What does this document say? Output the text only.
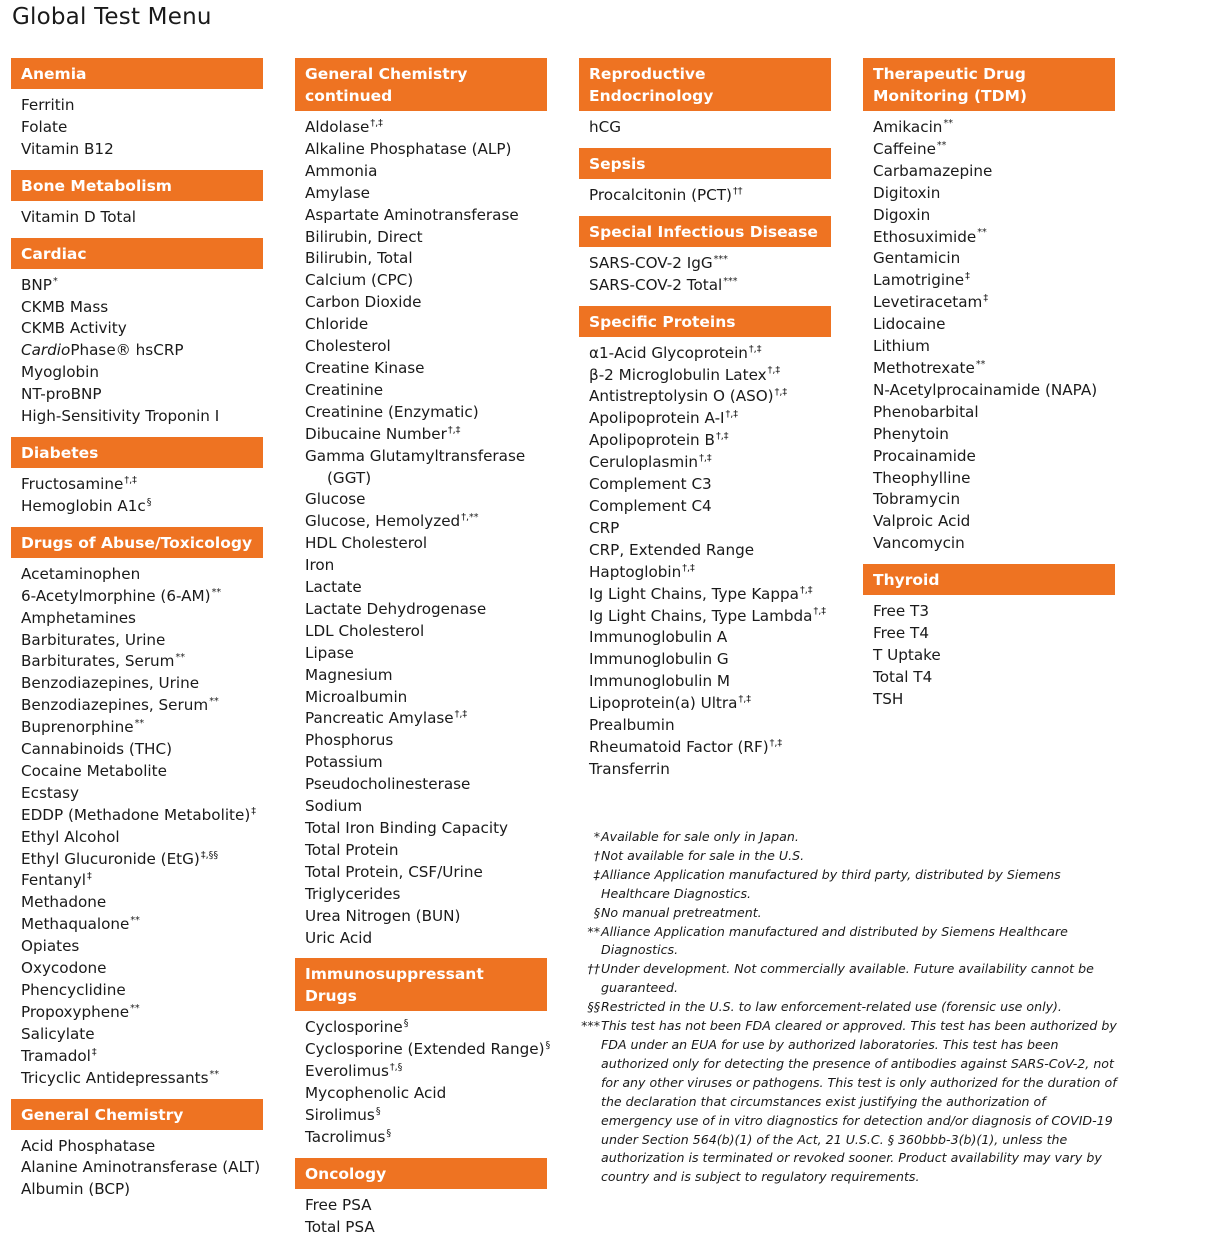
Global Test Menu
Anemia
Ferritin
Folate
Vitamin B12
Bone Metabolism
Vitamin D Total
Cardiac
BNP*
CKMB Mass
CKMB Activity
CardioPhase® hsCRP
Myoglobin
NT-proBNP
High-Sensitivity Troponin I
Diabetes
Fructosamine†,‡
Hemoglobin A1c§
Drugs of Abuse/Toxicology
Acetaminophen
6-Acetylmorphine (6-AM)**
Amphetamines
Barbiturates, Urine
Barbiturates, Serum**
Benzodiazepines, Urine
Benzodiazepines, Serum**
Buprenorphine**
Cannabinoids (THC)
Cocaine Metabolite
Ecstasy
EDDP (Methadone Metabolite)‡
Ethyl Alcohol
Ethyl Glucuronide (EtG)‡,§§
Fentanyl‡
Methadone
Methaqualone**
Opiates
Oxycodone
Phencyclidine
Propoxyphene**
Salicylate
Tramadol‡
Tricyclic Antidepressants**
General Chemistry
Acid Phosphatase
Alanine Aminotransferase (ALT)
Albumin (BCP)
General Chemistry continued
Aldolase†,‡
Alkaline Phosphatase (ALP)
Ammonia
Amylase
Aspartate Aminotransferase
Bilirubin, Direct
Bilirubin, Total
Calcium (CPC)
Carbon Dioxide
Chloride
Cholesterol
Creatine Kinase
Creatinine
Creatinine (Enzymatic)
Dibucaine Number†,‡
Gamma Glutamyltransferase
(GGT)
Glucose
Glucose, Hemolyzed†,**
HDL Cholesterol
Iron
Lactate
Lactate Dehydrogenase
LDL Cholesterol
Lipase
Magnesium
Microalbumin
Pancreatic Amylase†,‡
Phosphorus
Potassium
Pseudocholinesterase
Sodium
Total Iron Binding Capacity
Total Protein
Total Protein, CSF/Urine
Triglycerides
Urea Nitrogen (BUN)
Uric Acid
Immunosuppressant Drugs
Cyclosporine§
Cyclosporine (Extended Range)§
Everolimus†,§
Mycophenolic Acid
Sirolimus§
Tacrolimus§
Oncology
Free PSA
Total PSA
Reproductive Endocrinology
hCG
Sepsis
Procalcitonin (PCT)††
Special Infectious Disease
SARS-COV-2 IgG***
SARS-COV-2 Total***
Specific Proteins
α1-Acid Glycoprotein†,‡
β-2 Microglobulin Latex†,‡
Antistreptolysin O (ASO)†,‡
Apolipoprotein A-I†,‡
Apolipoprotein B†,‡
Ceruloplasmin†,‡
Complement C3
Complement C4
CRP
CRP, Extended Range
Haptoglobin†,‡
Ig Light Chains, Type Kappa†,‡
Ig Light Chains, Type Lambda†,‡
Immunoglobulin A
Immunoglobulin G
Immunoglobulin M
Lipoprotein(a) Ultra†,‡
Prealbumin
Rheumatoid Factor (RF)†,‡
Transferrin
Therapeutic Drug Monitoring (TDM)
Amikacin**
Caffeine**
Carbamazepine
Digitoxin
Digoxin
Ethosuximide**
Gentamicin
Lamotrigine‡
Levetiracetam‡
Lidocaine
Lithium
Methotrexate**
N-Acetylprocainamide (NAPA)
Phenobarbital
Phenytoin
Procainamide
Theophylline
Tobramycin
Valproic Acid
Vancomycin
Thyroid
Free T3
Free T4
T Uptake
Total T4
TSH
* Available for sale only in Japan.
† Not available for sale in the U.S.
‡ Alliance Application manufactured by third party, distributed by Siemens Healthcare Diagnostics.
§ No manual pretreatment.
** Alliance Application manufactured and distributed by Siemens Healthcare Diagnostics.
†† Under development. Not commercially available. Future availability cannot be guaranteed.
§§ Restricted in the U.S. to law enforcement-related use (forensic use only).
*** This test has not been FDA cleared or approved. This test has been authorized by FDA under an EUA for use by authorized laboratories. This test has been authorized only for detecting the presence of antibodies against SARS-CoV-2, not for any other viruses or pathogens. This test is only authorized for the duration of the declaration that circumstances exist justifying the authorization of emergency use of in vitro diagnostics for detection and/or diagnosis of COVID-19 under Section 564(b)(1) of the Act, 21 U.S.C. § 360bbb-3(b)(1), unless the authorization is terminated or revoked sooner. Product availability may vary by country and is subject to regulatory requirements.
